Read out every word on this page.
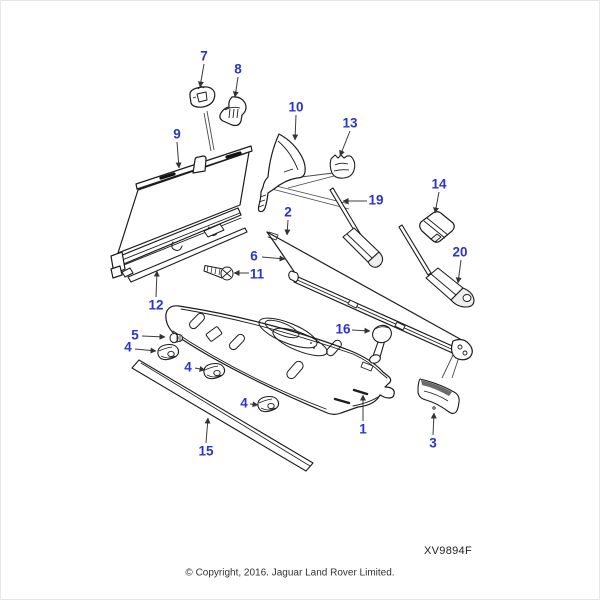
7
8
9
10
13
2
19
14
6
11
20
12
5
4
16
4
4
15
1
3
XV9894F
© Copyright, 2016. Jaguar Land Rover Limited.
